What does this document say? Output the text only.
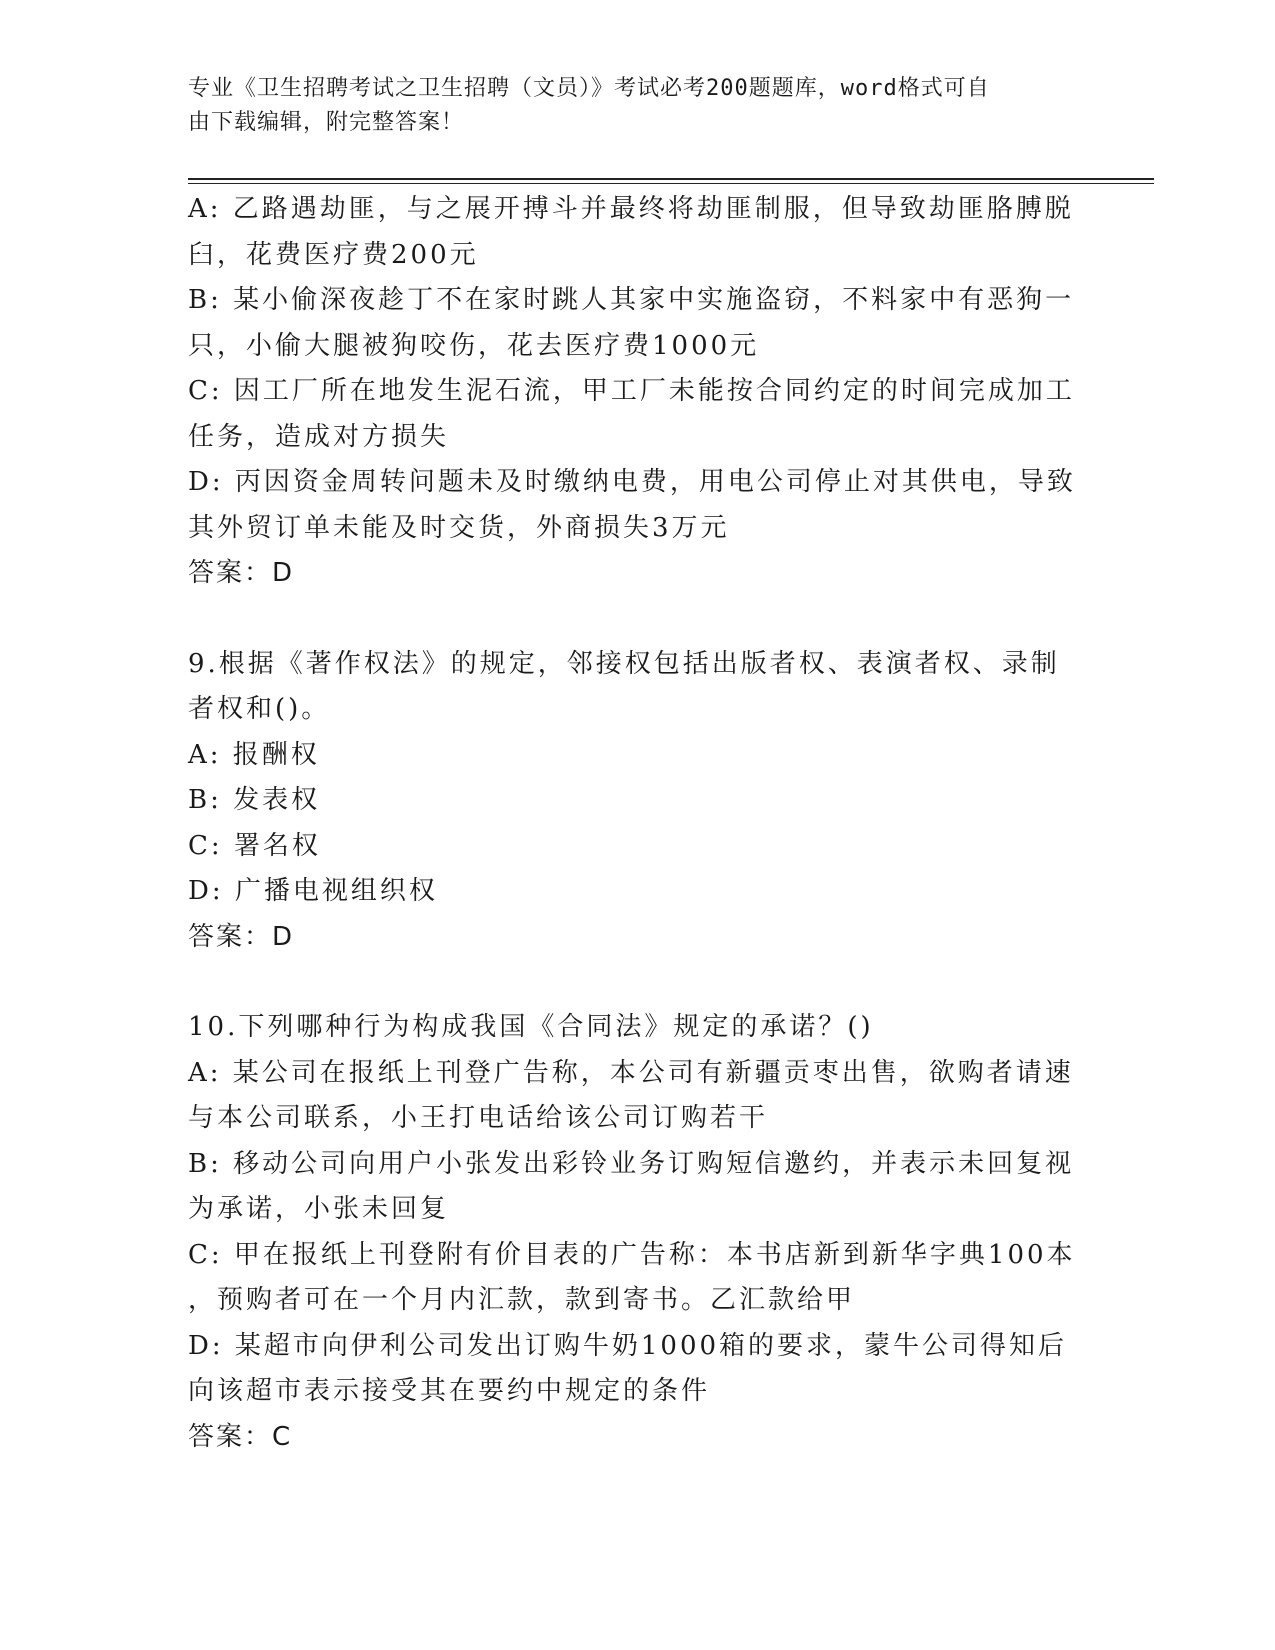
专业《卫生招聘考试之卫生招聘（文员）》考试必考200题题库，word格式可自
由下载编辑，附完整答案！

A: 乙路遇劫匪，与之展开搏斗并最终将劫匪制服，但导致劫匪胳膊脱

臼，花费医疗费200元

B: 某小偷深夜趁丁不在家时跳人其家中实施盗窃，不料家中有恶狗一

只，小偷大腿被狗咬伤，花去医疗费1000元

C: 因工厂所在地发生泥石流，甲工厂未能按合同约定的时间完成加工

任务，造成对方损失

D: 丙因资金周转问题未及时缴纳电费，用电公司停止对其供电，导致

其外贸订单未能及时交货，外商损失3万元

答案：D

9.根据《著作权法》的规定，邻接权包括出版者权、表演者权、录制

者权和()。

A: 报酬权

B: 发表权

C: 署名权

D: 广播电视组织权

答案：D

10.下列哪种行为构成我国《合同法》规定的承诺？()

A: 某公司在报纸上刊登广告称，本公司有新疆贡枣出售，欲购者请速

与本公司联系，小王打电话给该公司订购若干

B: 移动公司向用户小张发出彩铃业务订购短信邀约，并表示未回复视

为承诺，小张未回复

C: 甲在报纸上刊登附有价目表的广告称：本书店新到新华字典100本

，预购者可在一个月内汇款，款到寄书。乙汇款给甲

D: 某超市向伊利公司发出订购牛奶1000箱的要求，蒙牛公司得知后

向该超市表示接受其在要约中规定的条件

答案：C
